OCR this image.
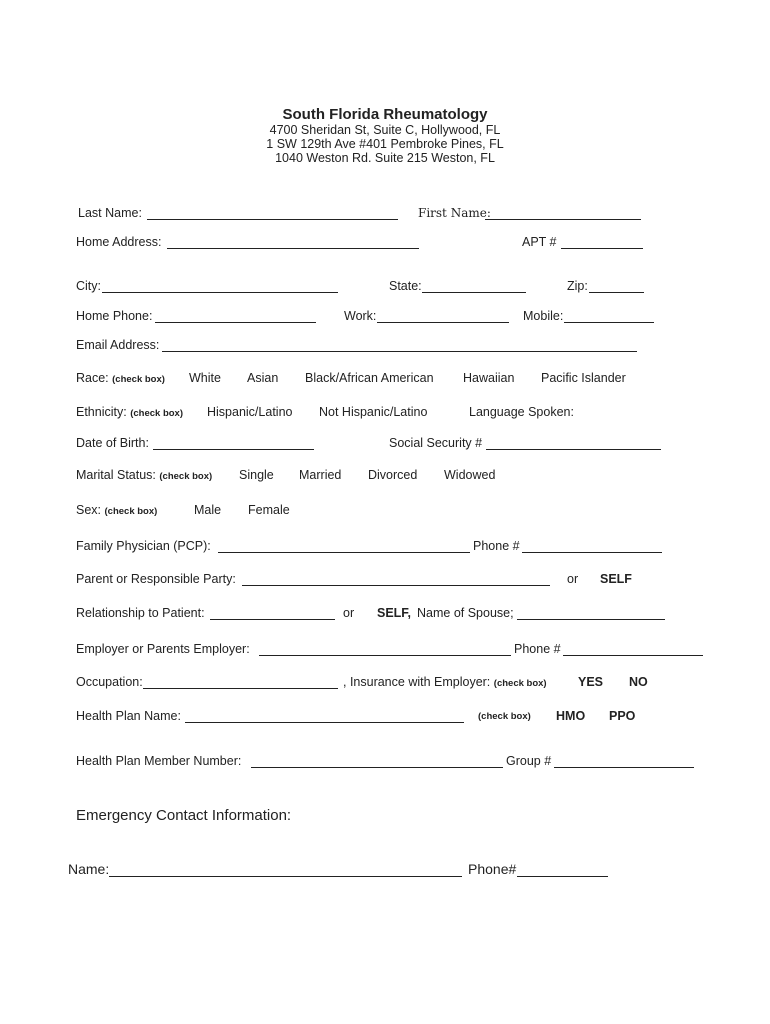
South Florida Rheumatology
4700 Sheridan St, Suite C, Hollywood, FL
1 SW 129th Ave #401 Pembroke Pines, FL
1040 Weston Rd. Suite 215 Weston, FL
Last Name:	First Name:
Home Address:	APT #
City:	State:	Zip:
Home Phone:	Work:	Mobile:
Email Address:
Race: (check box) White Asian Black/African American Hawaiian Pacific Islander
Ethnicity: (check box) Hispanic/Latino Not Hispanic/Latino	Language Spoken:
Date of Birth:	Social Security #
Marital Status: (check box) Single Married Divorced Widowed
Sex: (check box)	Male Female
Family Physician (PCP):	Phone #
Parent or Responsible Party:	or SELF
Relationship to Patient:	or SELF, Name of Spouse;
Employer or Parents Employer:	Phone #
Occupation:	, Insurance with Employer: (check box)	YES NO
Health Plan Name:	(check box) HMO PPO
Health Plan Member Number:	Group #
Emergency Contact Information:
Name:	Phone#
